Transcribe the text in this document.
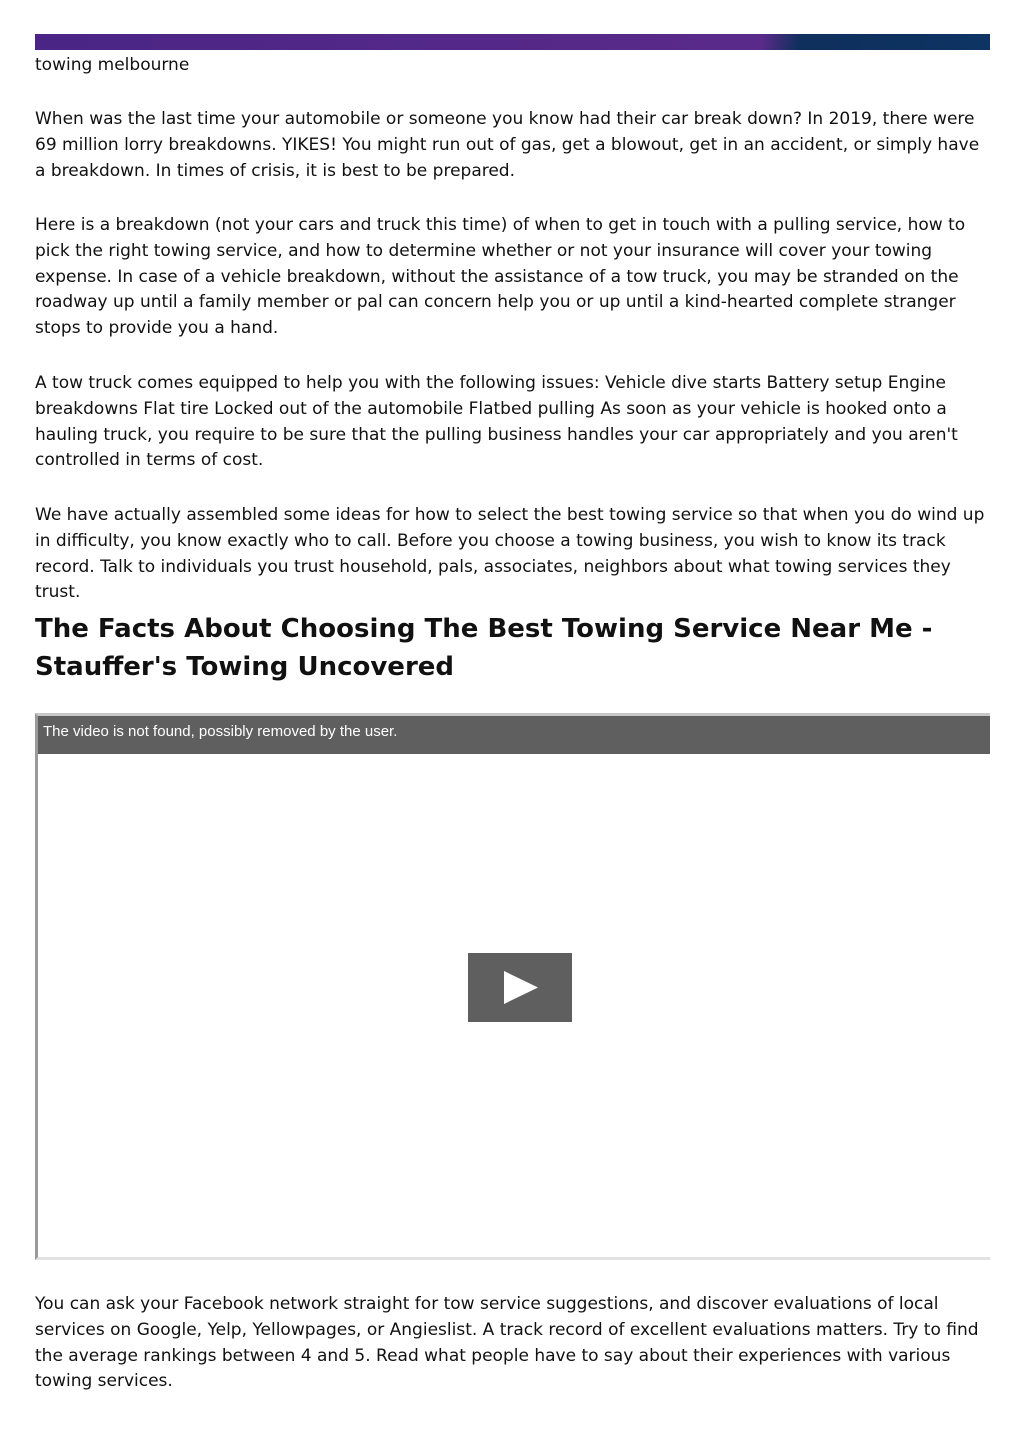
towing melbourne

When was the last time your automobile or someone you know had their car break down? In 2019, there were 69 million lorry breakdowns. YIKES! You might run out of gas, get a blowout, get in an accident, or simply have a breakdown. In times of crisis, it is best to be prepared.

Here is a breakdown (not your cars and truck this time) of when to get in touch with a pulling service, how to pick the right towing service, and how to determine whether or not your insurance will cover your towing expense. In case of a vehicle breakdown, without the assistance of a tow truck, you may be stranded on the roadway up until a family member or pal can concern help you or up until a kind-hearted complete stranger stops to provide you a hand.

A tow truck comes equipped to help you with the following issues: Vehicle dive starts Battery setup Engine breakdowns Flat tire Locked out of the automobile Flatbed pulling As soon as your vehicle is hooked onto a hauling truck, you require to be sure that the pulling business handles your car appropriately and you aren't controlled in terms of cost.

We have actually assembled some ideas for how to select the best towing service so that when you do wind up in difficulty, you know exactly who to call. Before you choose a towing business, you wish to know its track record. Talk to individuals you trust household, pals, associates, neighbors about what towing services they trust.

The Facts About Choosing The Best Towing Service Near Me - Stauffer's Towing Uncovered
The video is not found, possibly removed by the user.

You can ask your Facebook network straight for tow service suggestions, and discover evaluations of local services on Google, Yelp, Yellowpages, or Angieslist. A track record of excellent evaluations matters. Try to find the average rankings between 4 and 5. Read what people have to say about their experiences with various towing services.
